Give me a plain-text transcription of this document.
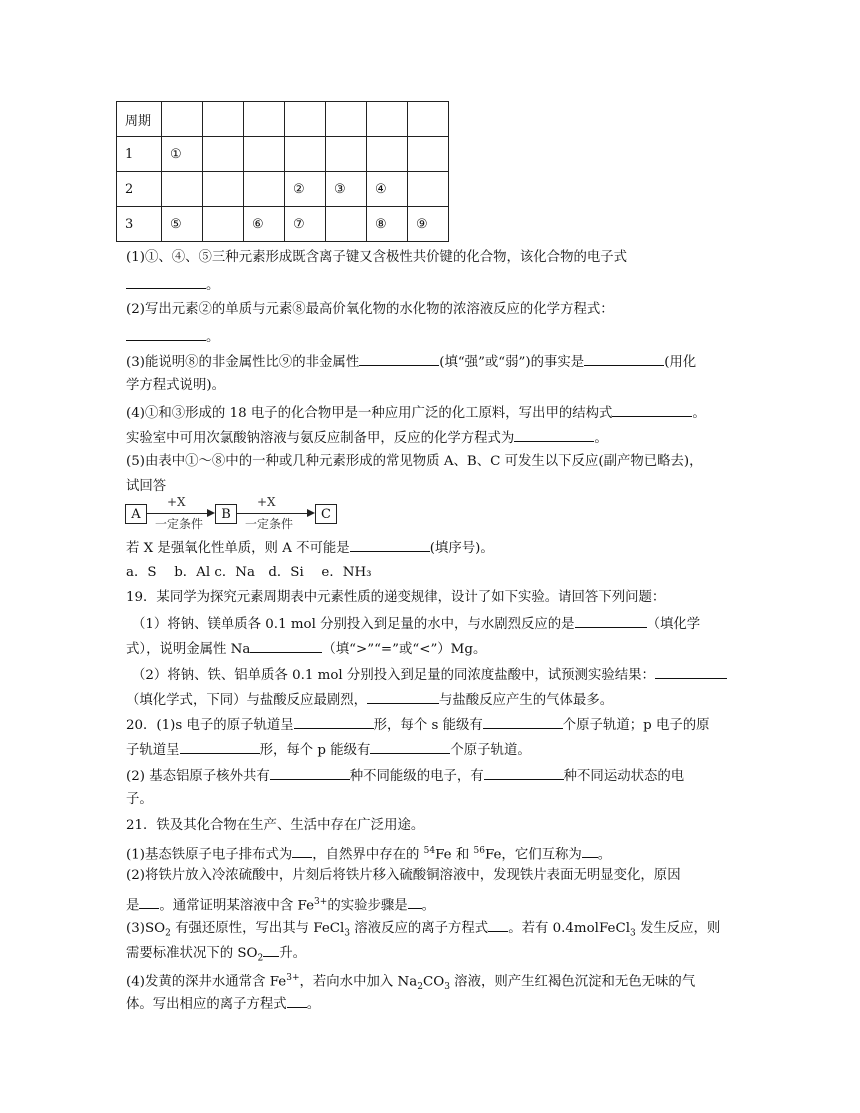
周期							
1	①						
2				②	③	④	
3	⑤		⑥	⑦		⑧	⑨
(1)①、④、⑤三种元素形成既含离子键又含极性共价键的化合物，该化合物的电子式
。
(2)写出元素②的单质与元素⑧最高价氧化物的水化物的浓溶液反应的化学方程式：
。
(3)能说明⑧的非金属性比⑨的非金属性	(填“强”或“弱”)的事实是	(用化
学方程式说明)。
(4)①和③形成的 18 电子的化合物甲是一种应用广泛的化工原料，写出甲的结构式	。
实验室中可用次氯酸钠溶液与氨反应制备甲，反应的化学方程式为	。
(5)由表中①～⑧中的一种或几种元素形成的常见物质 A、B、C 可发生以下反应(副产物已略去)，
试回答
若 X 是强氧化性单质，则 A 不可能是	(填序号)。
a．S　 b．Al c．Na　d．Si　 e．NH₃
19．某同学为探究元素周期表中元素性质的递变规律，设计了如下实验。请回答下列问题：
（1）将钠、镁单质各 0.1 mol 分别投入到足量的水中，与水剧烈反应的是	（填化学
式），说明金属性 Na	（填“>”“=”或“<”）Mg。
（2）将钠、铁、铝单质各 0.1 mol 分别投入到足量的同浓度盐酸中，试预测实验结果：
（填化学式，下同）与盐酸反应最剧烈，	与盐酸反应产生的气体最多。
20．(1)s 电子的原子轨道呈	形，每个 s 能级有	个原子轨道；p 电子的原
子轨道呈	形，每个 p 能级有	个原子轨道。
(2) 基态铝原子核外共有	种不同能级的电子，有	种不同运动状态的电
子。
21．铁及其化合物在生产、生活中存在广泛用途。
(1)基态铁原子电子排布式为 ，自然界中存在的 $^{54}$Fe 和 $^{56}$Fe，它们互称为 。
(2)将铁片放入冷浓硫酸中，片刻后将铁片移入硫酸铜溶液中，发现铁片表面无明显变化，原因
是 。通常证明某溶液中含 $Fe^{3+}$的实验步骤是 。
$(3)SO_2$ 有强还原性，写出其与 FeCl$_3$ 溶液反应的离子方程式 。若有 0.4molFeCl$_3$ 发生反应，则
需要标准状况下的 $SO_2$ 升。
(4)发黄的深井水通常含 $Fe^{3+}$，若向水中加入 $Na_2CO_3$ 溶液，则产生红褐色沉淀和无色无味的气
体。写出相应的离子方程式 。
A
+X
一定条件
B
+X
一定条件
C
